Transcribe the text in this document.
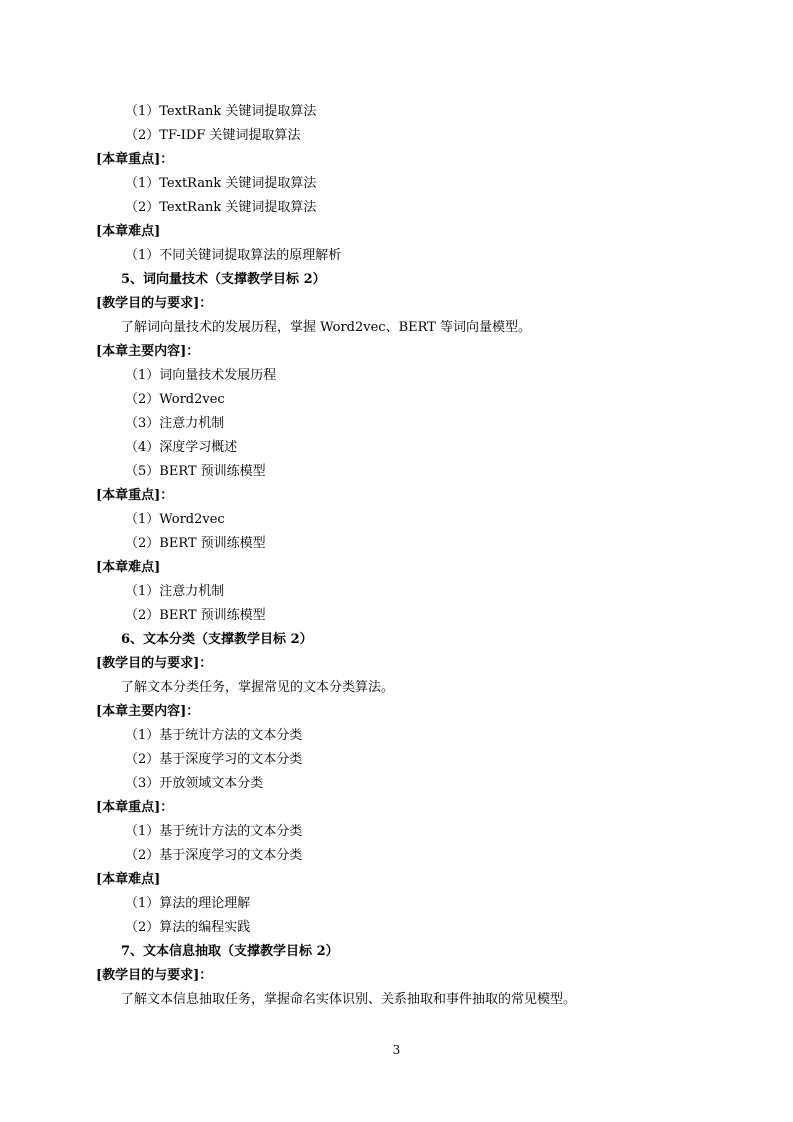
（1）TextRank 关键词提取算法
（2）TF-IDF 关键词提取算法
[本章重点]：
（1）TextRank 关键词提取算法
（2）TextRank 关键词提取算法
[本章难点]
（1）不同关键词提取算法的原理解析
5、词向量技术（支撑教学目标 2）
[教学目的与要求]：
了解词向量技术的发展历程，掌握 Word2vec、BERT 等词向量模型。
[本章主要内容]：
（1）词向量技术发展历程
（2）Word2vec
（3）注意力机制
（4）深度学习概述
（5）BERT 预训练模型
[本章重点]：
（1）Word2vec
（2）BERT 预训练模型
[本章难点]
（1）注意力机制
（2）BERT 预训练模型
6、文本分类（支撑教学目标 2）
[教学目的与要求]：
了解文本分类任务，掌握常见的文本分类算法。
[本章主要内容]：
（1）基于统计方法的文本分类
（2）基于深度学习的文本分类
（3）开放领域文本分类
[本章重点]：
（1）基于统计方法的文本分类
（2）基于深度学习的文本分类
[本章难点]
（1）算法的理论理解
（2）算法的编程实践
7、文本信息抽取（支撑教学目标 2）
[教学目的与要求]：
了解文本信息抽取任务，掌握命名实体识别、关系抽取和事件抽取的常见模型。
3
